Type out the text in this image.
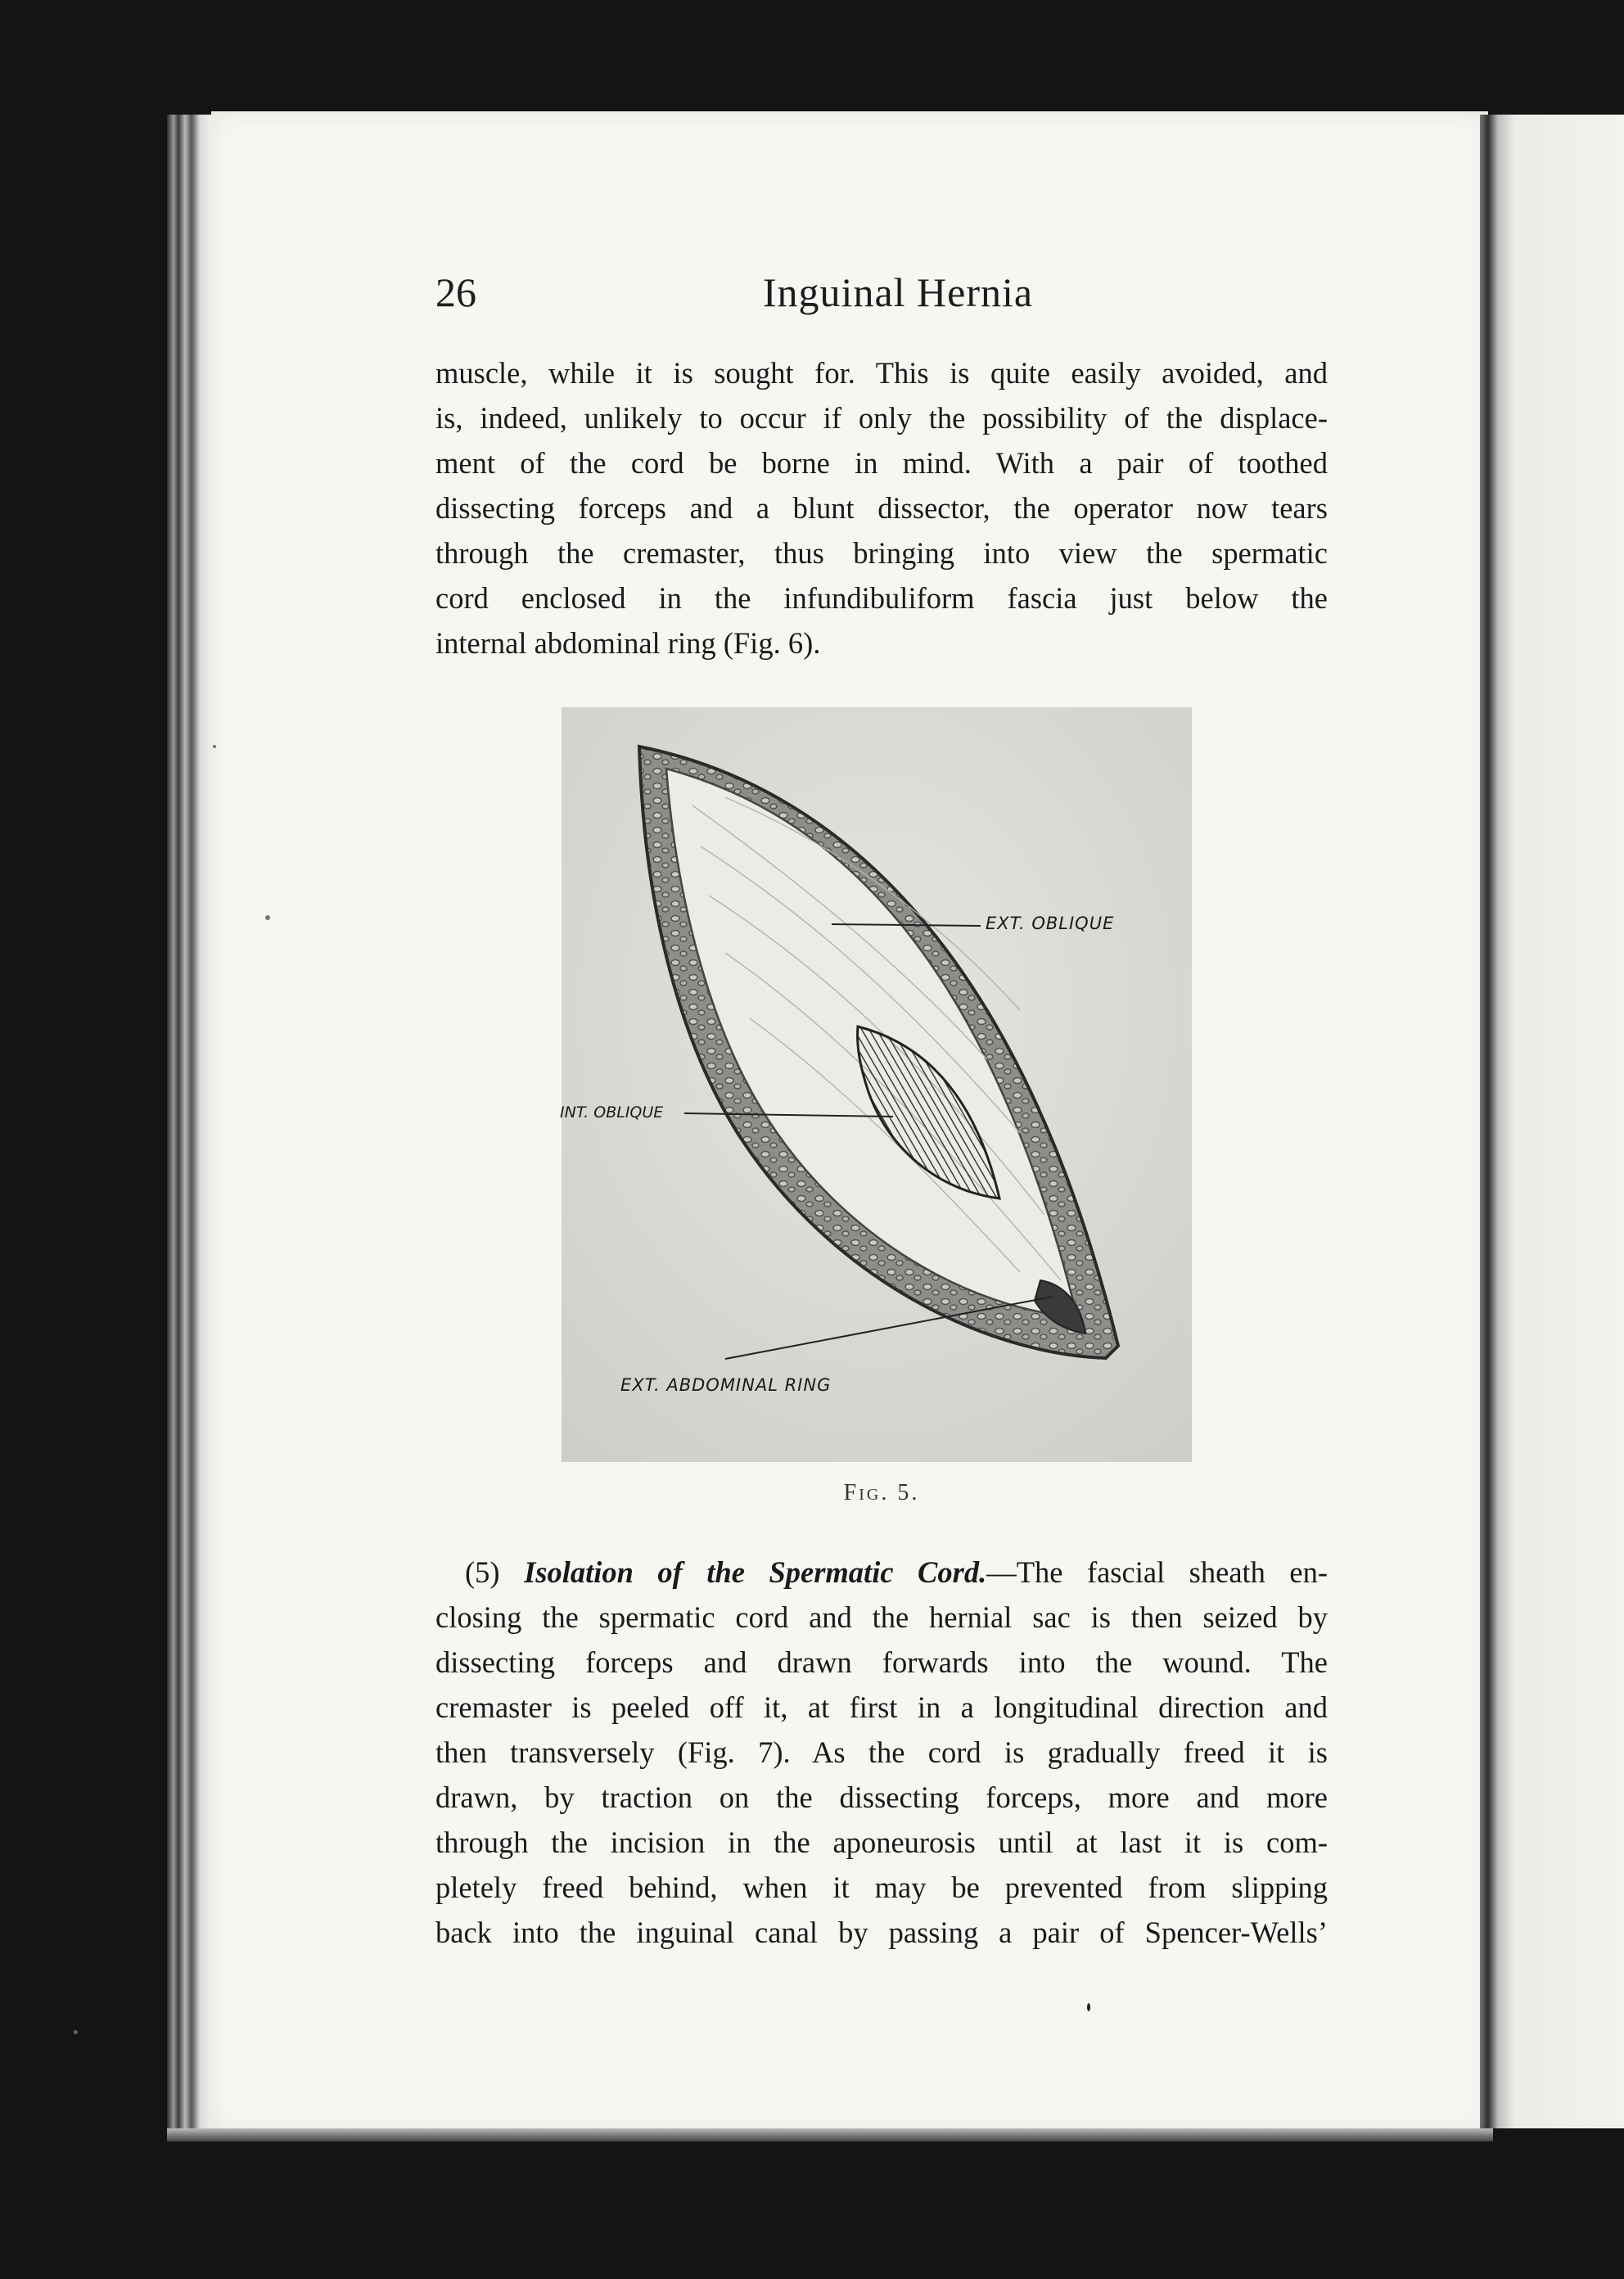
26	Inguinal Hernia
muscle, while it is sought for. This is quite easily avoided, and
is, indeed, unlikely to occur if only the possibility of the displace-
ment of the cord be borne in mind. With a pair of toothed
dissecting forceps and a blunt dissector, the operator now tears
through the cremaster, thus bringing into view the spermatic
cord enclosed in the infundibuliform fascia just below the
internal abdominal ring (Fig. 6).
EXT. OBLIQUE
INT. OBLIQUE
EXT. ABDOMINAL RING
Fig. 5.
(5) Isolation of the Spermatic Cord.—The fascial sheath en-
closing the spermatic cord and the hernial sac is then seized by
dissecting forceps and drawn forwards into the wound. The
cremaster is peeled off it, at first in a longitudinal direction and
then transversely (Fig. 7). As the cord is gradually freed it is
drawn, by traction on the dissecting forceps, more and more
through the incision in the aponeurosis until at last it is com-
pletely freed behind, when it may be prevented from slipping
back into the inguinal canal by passing a pair of Spencer-Wells’
